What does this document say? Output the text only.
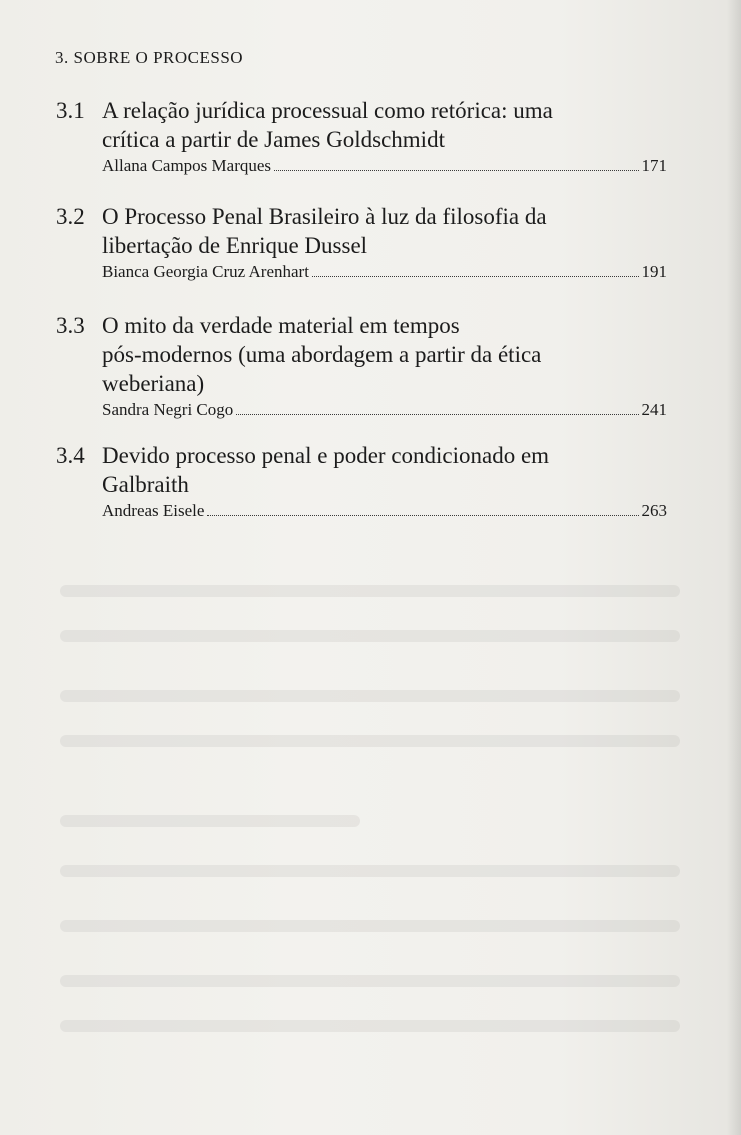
3. SOBRE O PROCESSO
3.1 A relação jurídica processual como retórica: uma
crítica a partir de James Goldschmidt
Allana Campos Marques	171
3.2 O Processo Penal Brasileiro à luz da filosofia da
libertação de Enrique Dussel
Bianca Georgia Cruz Arenhart	191
3.3 O mito da verdade material em tempos
pós-modernos (uma abordagem a partir da ética
weberiana)
Sandra Negri Cogo	241
3.4 Devido processo penal e poder condicionado em
Galbraith
Andreas Eisele	263
